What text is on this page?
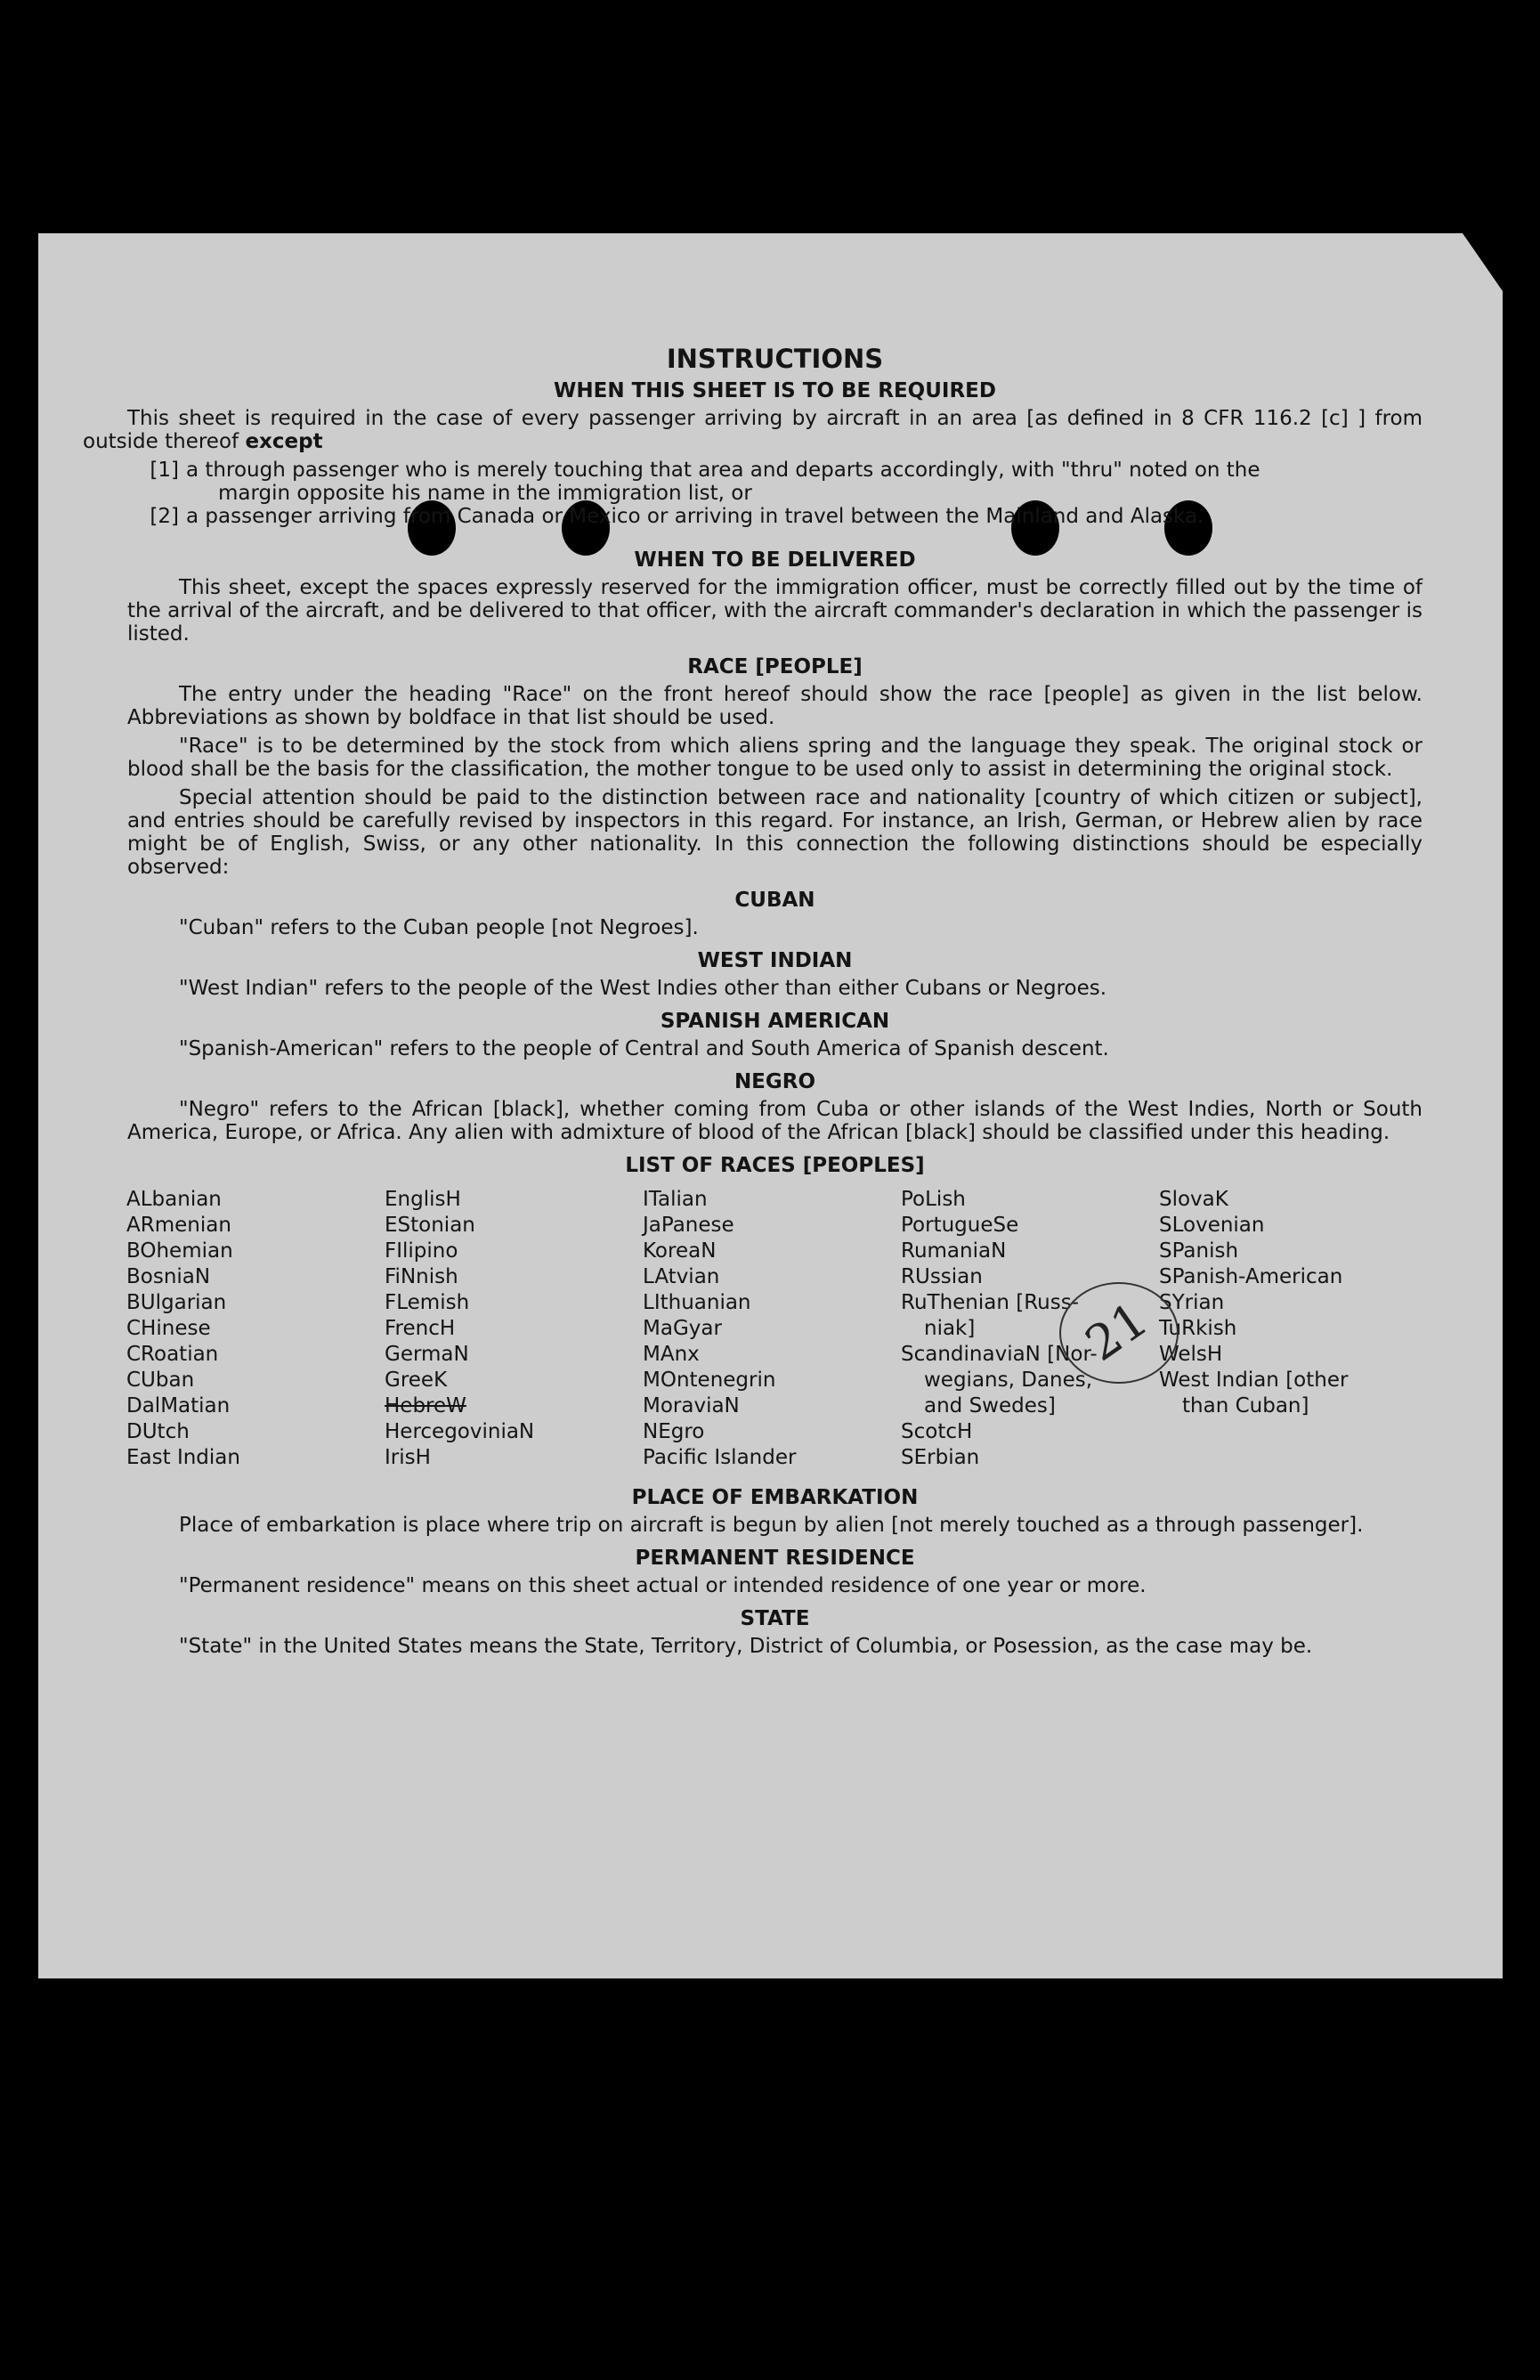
INSTRUCTIONS
WHEN THIS SHEET IS TO BE REQUIRED

This sheet is required in the case of every passenger arriving by aircraft in an area [as defined in 8 CFR 116.2 [c] ] from outside thereof except

[1] a through passenger who is merely touching that area and departs accordingly, with "thru" noted on the
margin opposite his name in the immigration list, or
[2] a passenger arriving from Canada or Mexico or arriving in travel between the Mainland and Alaska.
WHEN TO BE DELIVERED

This sheet, except the spaces expressly reserved for the immigration officer, must be correctly filled out by the time of the arrival of the aircraft, and be delivered to that officer, with the aircraft commander's declaration in which the passenger is listed.

RACE [PEOPLE]

The entry under the heading "Race" on the front hereof should show the race [people] as given in the list below. Abbreviations as shown by boldface in that list should be used.

"Race" is to be determined by the stock from which aliens spring and the language they speak. The original stock or blood shall be the basis for the classification, the mother tongue to be used only to assist in determining the original stock.

Special attention should be paid to the distinction between race and nationality [country of which citizen or subject], and entries should be carefully revised by inspectors in this regard. For instance, an Irish, German, or Hebrew alien by race might be of English, Swiss, or any other nationality. In this connection the following distinctions should be especially observed:

CUBAN

"Cuban" refers to the Cuban people [not Negroes].

WEST INDIAN

"West Indian" refers to the people of the West Indies other than either Cubans or Negroes.

SPANISH AMERICAN

"Spanish-American" refers to the people of Central and South America of Spanish descent.

NEGRO

"Negro" refers to the African [black], whether coming from Cuba or other islands of the West Indies, North or South America, Europe, or Africa. Any alien with admixture of blood of the African [black] should be classified under this heading.

LIST OF RACES [PEOPLES]
ALbanian
ARmenian
BOhemian
BosniaN
BUlgarian
CHinese
CRoatian
CUban
DalMatian
DUtch
East Indian
EnglisH
EStonian
FIlipino
FiNnish
FLemish
FrencH
GermaN
GreeK
HebreW
HercegoviniaN
IrisH
ITalian
JaPanese
KoreaN
LAtvian
LIthuanian
MaGyar
MAnx
MOntenegrin
MoraviaN
NEgro
Pacific Islander
PoLish
PortugueSe
RumaniaN
RUssian
RuThenian [Russ-
niak]
ScandinaviaN [Nor-
wegians, Danes,
and Swedes]
ScotcH
SErbian
SlovaK
SLovenian
SPanish
SPanish-American
SYrian
TuRkish
WelsH
West Indian [other
than Cuban]
PLACE OF EMBARKATION

Place of embarkation is place where trip on aircraft is begun by alien [not merely touched as a through passenger].

PERMANENT RESIDENCE

"Permanent residence" means on this sheet actual or intended residence of one year or more.

STATE

"State" in the United States means the State, Territory, District of Columbia, or Posession, as the case may be.

21
